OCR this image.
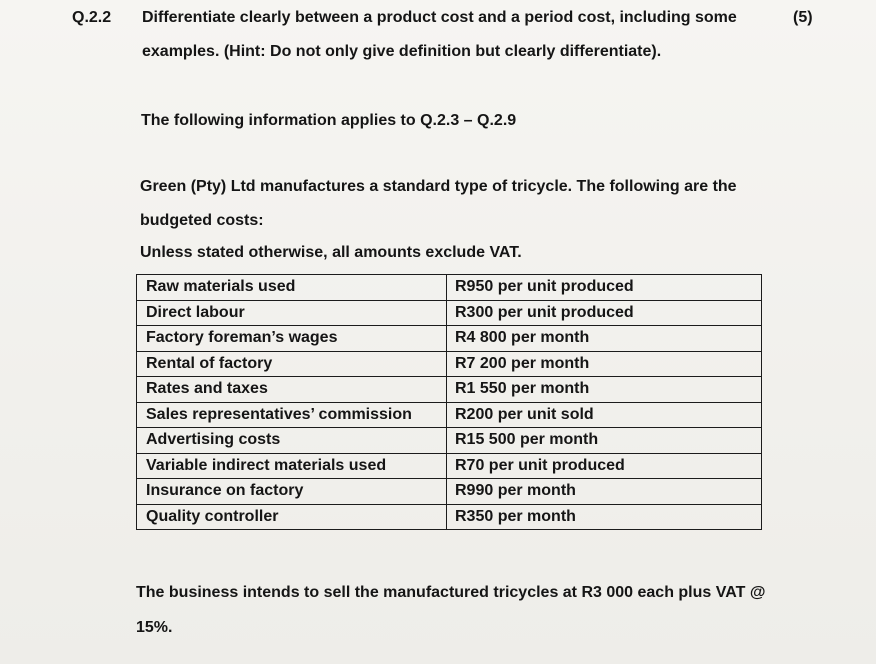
Q.2.2 Differentiate clearly between a product cost and a period cost, including some	(5)
examples. (Hint: Do not only give definition but clearly differentiate).
The following information applies to Q.2.3 – Q.2.9
Green (Pty) Ltd manufactures a standard type of tricycle. The following are the
budgeted costs:
Unless stated otherwise, all amounts exclude VAT.
Raw materials used	R950 per unit produced
Direct labour	R300 per unit produced
Factory foreman’s wages	R4 800 per month
Rental of factory	R7 200 per month
Rates and taxes	R1 550 per month
Sales representatives’ commission	R200 per unit sold
Advertising costs	R15 500 per month
Variable indirect materials used	R70 per unit produced
Insurance on factory	R990 per month
Quality controller	R350 per month
The business intends to sell the manufactured tricycles at R3 000 each plus VAT @
15%.
